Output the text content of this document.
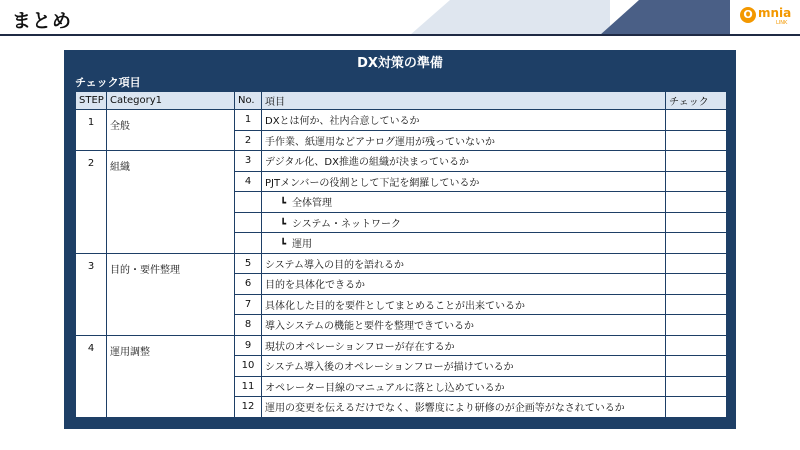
まとめ	O mnia
LINK
DX対策の準備
チェック項目
STEP	Category1	No.	項目	チェック
1	全般	1	DXとは何か、社内合意しているか	
		2	手作業、紙運用などアナログ運用が残っていないか	
2	組織	3	デジタル化、DX推進の組織が決まっているか	
		4	PJTメンバーの役割として下記を網羅しているか	
			┗ 全体管理	
			┗ システム・ネットワーク	
			┗ 運用	
3	目的・要件整理	5	システム導入の目的を語れるか	
		6	目的を具体化できるか	
		7	具体化した目的を要件としてまとめることが出来ているか	
		8	導入システムの機能と要件を整理できているか	
4	運用調整	9	現状のオペレーションフローが存在するか	
		10	システム導入後のオペレーションフローが描けているか	
		11	オペレーター目線のマニュアルに落とし込めているか	
		12	運用の変更を伝えるだけでなく、影響度により研修のが企画等がなされているか	
